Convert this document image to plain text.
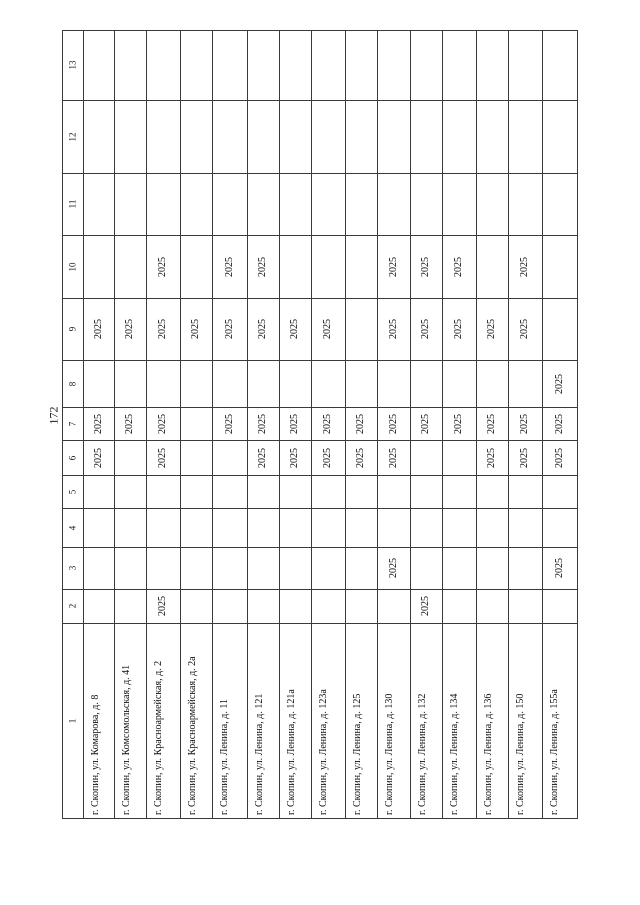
172
1
2
3
4
5
6
7
8
9
10
11
12
13
г. Скопин, ул. Комарова, д. 8
2025
2025
2025
г. Скопин, ул. Комсомольская, д. 41
2025
2025
г. Скопин, ул. Красноармейская, д. 2
2025
2025
2025
2025
2025
г. Скопин, ул. Красноармейская, д. 2а
2025
г. Скопин, ул. Ленина, д. 11
2025
2025
2025
г. Скопин, ул. Ленина, д. 121
2025
2025
2025
2025
г. Скопин, ул. Ленина, д. 121а
2025
2025
2025
г. Скопин, ул. Ленина, д. 123а
2025
2025
2025
г. Скопин, ул. Ленина, д. 125
2025
2025
г. Скопин, ул. Ленина, д. 130
2025
2025
2025
2025
2025
г. Скопин, ул. Ленина, д. 132
2025
2025
2025
2025
г. Скопин, ул. Ленина, д. 134
2025
2025
2025
г. Скопин, ул. Ленина, д. 136
2025
2025
2025
г. Скопин, ул. Ленина, д. 150
2025
2025
2025
2025
г. Скопин, ул. Ленина, д. 155а
2025
2025
2025
2025
